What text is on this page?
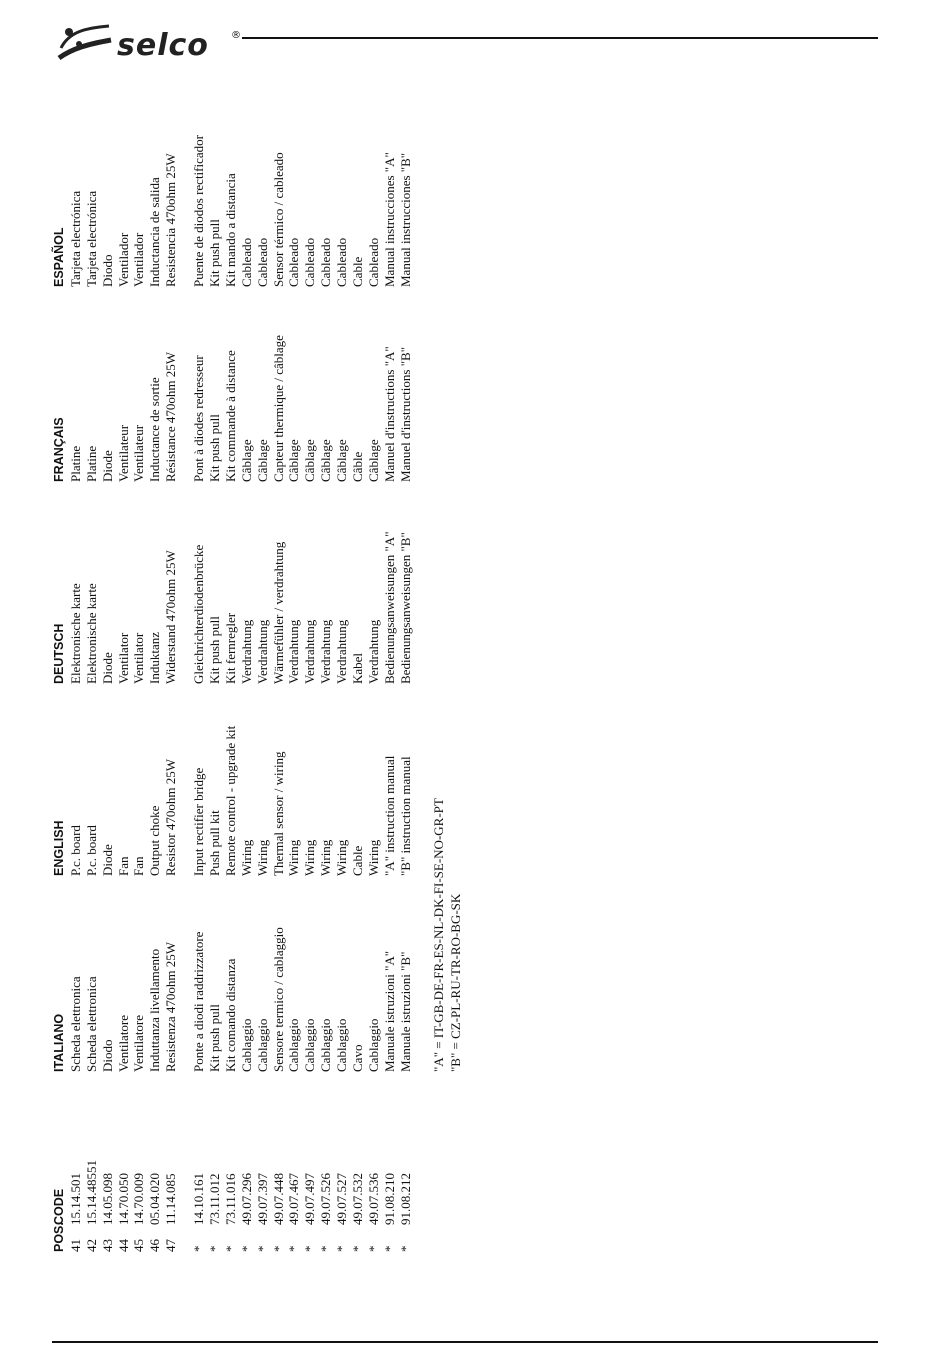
selco ®
POS. 41 42 43 44 45 46 47 * * * * * * * * * * * * * *
CODE 15.14.501 15.14.48551 14.05.098 14.70.050 14.70.009 05.04.020 11.14.085 14.10.161 73.11.012 73.11.016 49.07.296 49.07.397 49.07.448 49.07.467 49.07.497 49.07.526 49.07.527 49.07.532 49.07.536 91.08.210 91.08.212
ITALIANO Scheda elettronica Scheda elettronica Diodo Ventilatore Ventilatore Induttanza livellamento Resistenza 470ohm 25W Ponte a diodi raddrizzatore Kit push pull Kit comando distanza Cablaggio Cablaggio Sensore termico / cablaggio Cablaggio Cablaggio Cablaggio Cablaggio Cavo Cablaggio Manuale istruzioni "A" Manuale istruzioni "B"
ENGLISH P.c. board P.c. board Diode Fan Fan Output choke Resistor 470ohm 25W Input rectifier bridge Push pull kit Remote control - upgrade kit Wiring Wiring Thermal sensor / wiring Wiring Wiring Wiring Wiring Cable Wiring "A" instruction manual "B" instruction manual
DEUTSCH Elektronische karte Elektronische karte Diode Ventilator Ventilator Induktanz Widerstand 470ohm 25W Gleichrichterdiodenbrücke Kit push pull Kit fernregler Verdrahtung Verdrahtung Wärmefühler / verdrahtung Verdrahtung Verdrahtung Verdrahtung Verdrahtung Kabel Verdrahtung Bedienungsanweisungen "A" Bedienungsanweisungen "B"
FRANÇAIS Platine Platine Diode Ventilateur Ventilateur Inductance de sortie Résistance 470ohm 25W Pont à diodes redresseur Kit push pull Kit commande à distance Câblage Câblage Capteur thermique / câblage Câblage Câblage Câblage Câblage Câble Câblage Manuel d'instructions "A" Manuel d'instructions "B"
ESPAÑOL Tarjeta electrónica Tarjeta electrónica Diodo Ventilador Ventilador Inductancia de salida Resistencia 470ohm 25W Puente de diodos rectificador Kit push pull Kit mando a distancia Cableado Cableado Sensor térmico / cableado Cableado Cableado Cableado Cableado Cable Cableado Manual instrucciones "A" Manual instrucciones "B"
"A" = IT-GB-DE-FR-ES-NL-DK-FI-SE-NO-GR-PT "B" = CZ-PL-RU-TR-RO-BG-SK
